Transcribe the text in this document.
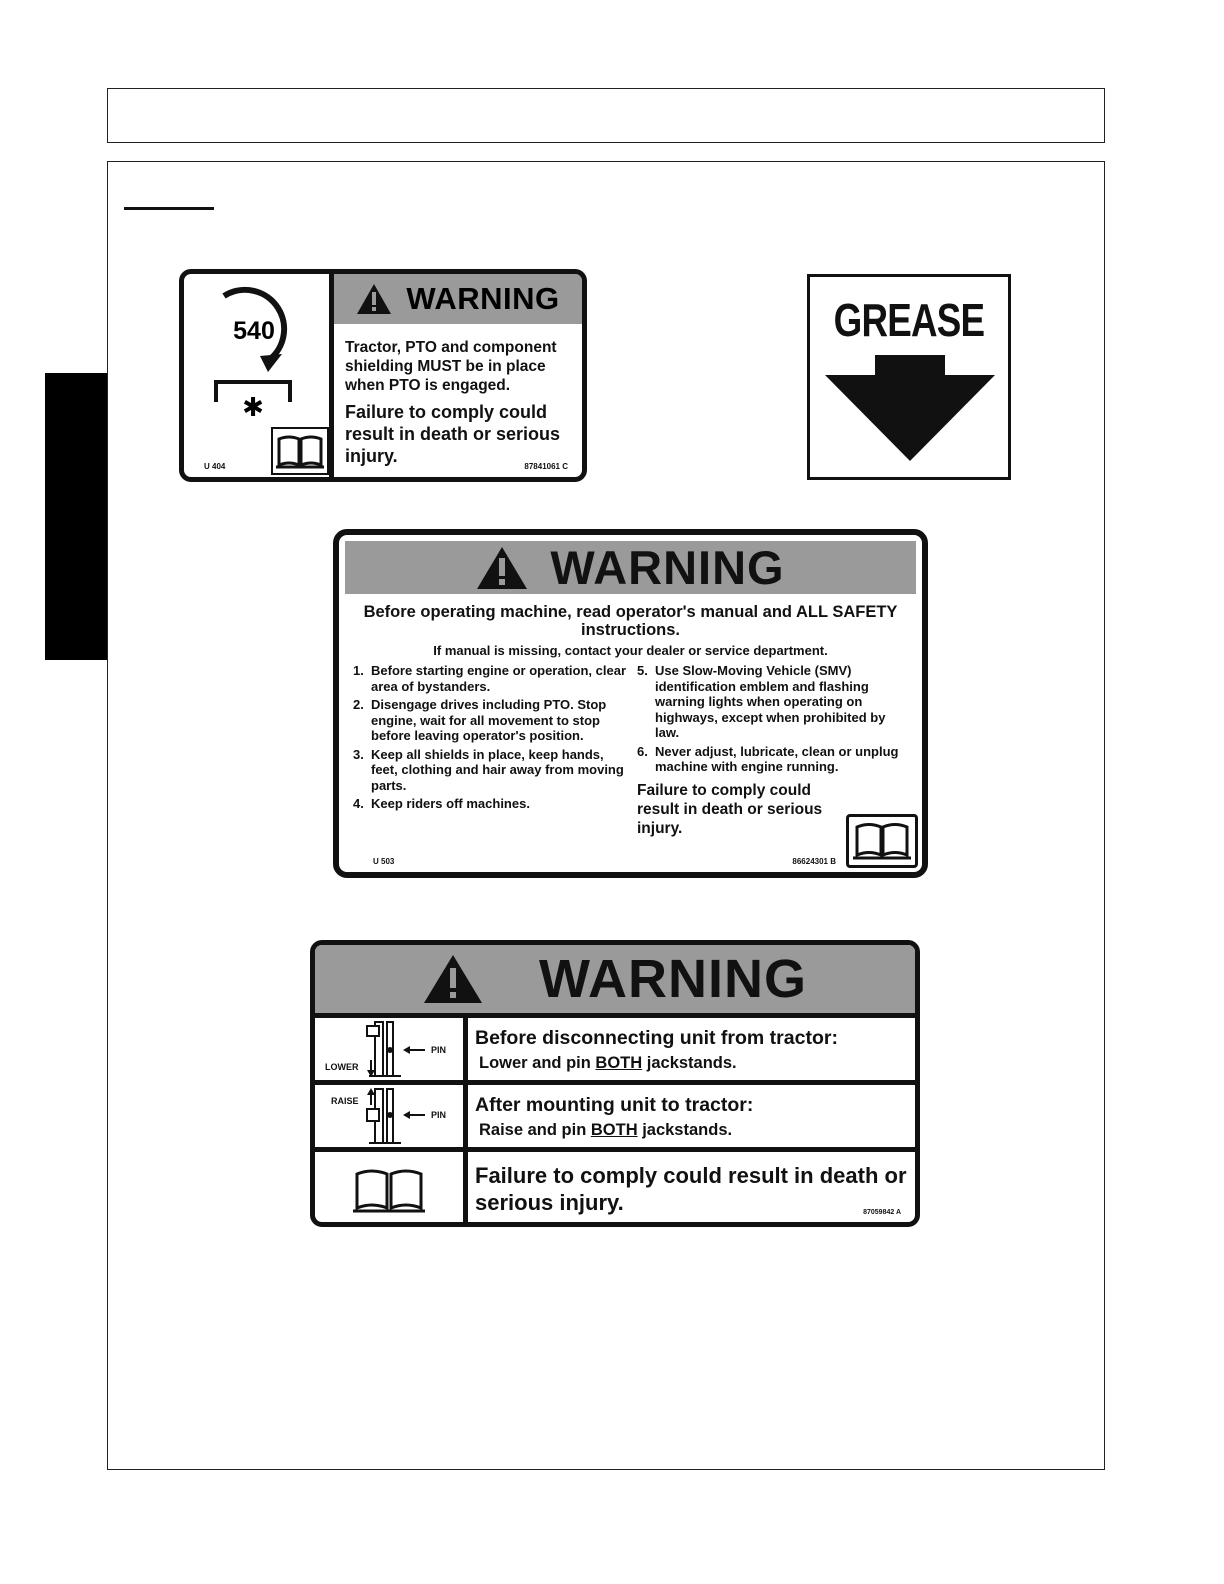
540
✱
U 404
WARNING
Tractor, PTO and component shielding MUST be in place when PTO is engaged.
Failure to comply could result in death or serious injury.
87841061 C
GREASE
WARNING
Before operating machine, read operator's manual and ALL SAFETY instructions.
If manual is missing, contact your dealer or service department.
1. Before starting engine or operation, clear area of bystanders.
2. Disengage drives including PTO. Stop engine, wait for all movement to stop before leaving operator's position.
3. Keep all shields in place, keep hands, feet, clothing and hair away from moving parts.
4. Keep riders off machines.
5. Use Slow-Moving Vehicle (SMV) identification emblem and flashing warning lights when operating on highways, except when prohibited by law.
6. Never adjust, lubricate, clean or unplug machine with engine running.
Failure to comply could result in death or serious injury.
U 503	86624301 B
WARNING
LOWER
PIN
Before disconnecting unit from tractor:
Lower and pin BOTH jackstands.
RAISE
PIN After mounting unit to tractor:
Raise and pin BOTH jackstands.
Failure to comply could result in death or serious injury.	87059842 A
